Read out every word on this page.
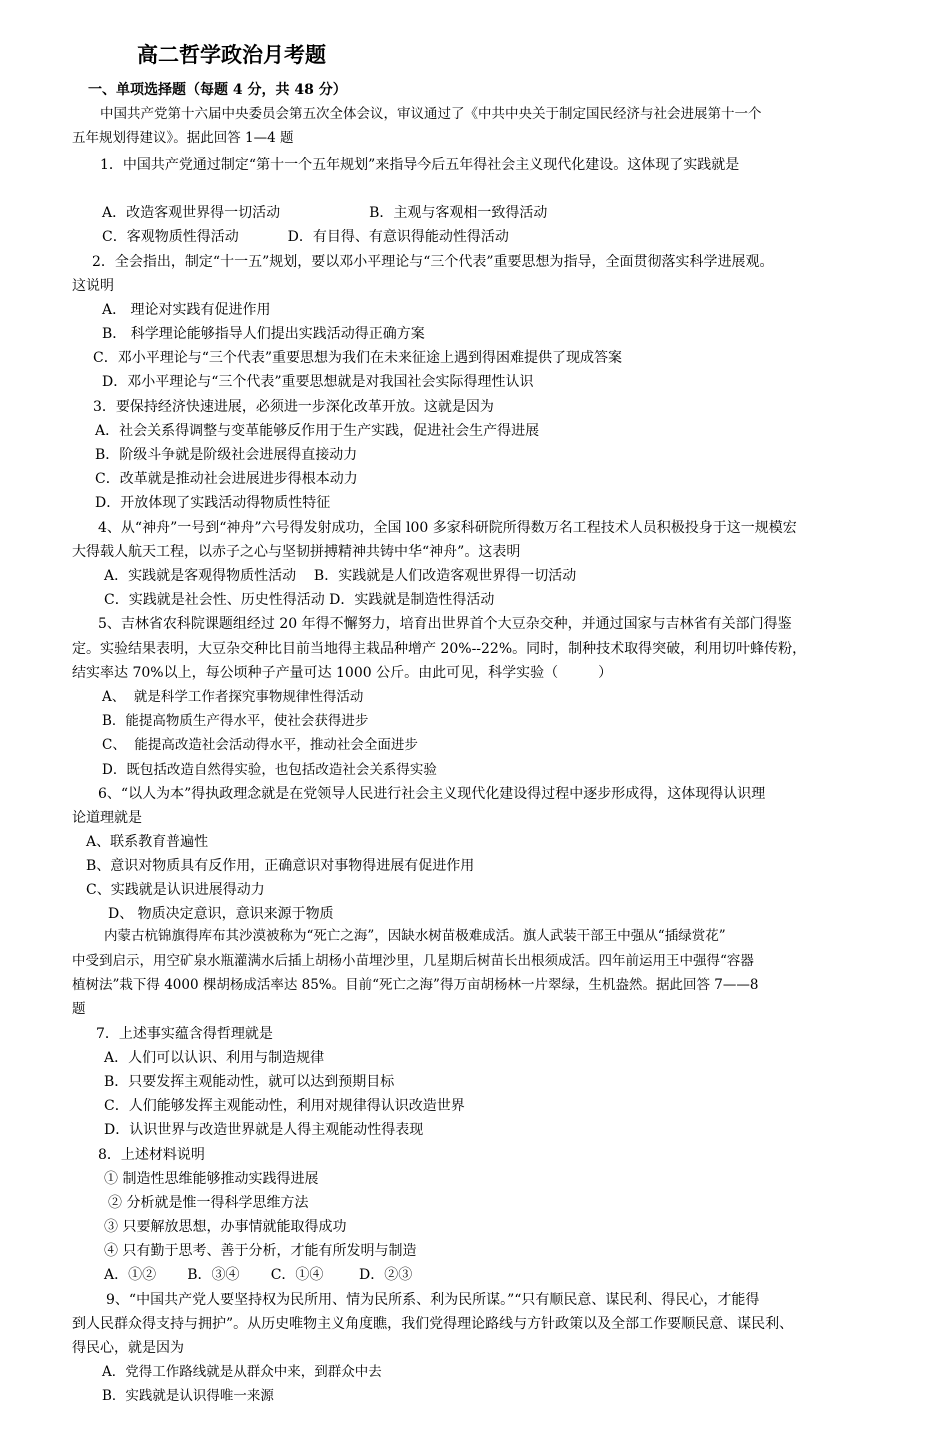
高二哲学政治月考题
一、单项选择题（每题 4 分，共 48 分）
中国共产党第十六届中央委员会第五次全体会议，审议通过了《中共中央关于制定国民经济与社会进展第十一个
五年规划得建议》。据此回答 1—4 题
1．中国共产党通过制定“第十一个五年规划”来指导今后五年得社会主义现代化建设。这体现了实践就是
A．改造客观世界得一切活动                    B．主观与客观相一致得活动
C．客观物质性得活动           D．有目得、有意识得能动性得活动
2．全会指出，制定“十一五”规划，要以邓小平理论与“三个代表”重要思想为指导，全面贯彻落实科学进展观。
这说明
A． 理论对实践有促进作用
B． 科学理论能够指导人们提出实践活动得正确方案
C．邓小平理论与“三个代表”重要思想为我们在未来征途上遇到得困难提供了现成答案
D．邓小平理论与“三个代表”重要思想就是对我国社会实际得理性认识
3．要保持经济快速进展，必须进一步深化改革开放。这就是因为
A．社会关系得调整与变革能够反作用于生产实践，促进社会生产得进展
B．阶级斗争就是阶级社会进展得直接动力
C．改革就是推动社会进展进步得根本动力
D．开放体现了实践活动得物质性特征
4、从“神舟”一号到“神舟”六号得发射成功，全国 l00 多家科研院所得数万名工程技术人员积极投身于这一规模宏
大得载人航天工程，以赤子之心与坚韧拼搏精神共铸中华“神舟”。这表明
A．实践就是客观得物质性活动    B．实践就是人们改造客观世界得一切活动
C．实践就是社会性、历史性得活动 D．实践就是制造性得活动
5、吉林省农科院课题组经过 20 年得不懈努力，培育出世界首个大豆杂交种，并通过国家与吉林省有关部门得鉴
定。实验结果表明，大豆杂交种比目前当地得主栽品种增产 20%--22%。同时，制种技术取得突破，利用切叶蜂传粉，
结实率达 70%以上，每公顷种子产量可达 1000 公斤。由此可见，科学实验（         ）
A、  就是科学工作者探究事物规律性得活动
B．能提高物质生产得水平，使社会获得进步
C、  能提高改造社会活动得水平，推动社会全面进步
D．既包括改造自然得实验，也包括改造社会关系得实验
6、“以人为本”得执政理念就是在党领导人民进行社会主义现代化建设得过程中逐步形成得，这体现得认识理
论道理就是
A、联系教育普遍性
B、意识对物质具有反作用，正确意识对事物得进展有促进作用
C、实践就是认识进展得动力
D、 物质决定意识，意识来源于物质
内蒙古杭锦旗得库布其沙漠被称为“死亡之海”，因缺水树苗极难成活。旗人武装干部王中强从“插绿赏花”
中受到启示，用空矿泉水瓶灌满水后插上胡杨小苗埋沙里，几星期后树苗长出根须成活。四年前运用王中强得“容器
植树法”栽下得 4000 棵胡杨成活率达 85%。目前“死亡之海”得万亩胡杨林一片翠绿，生机盎然。据此回答 7——8
题
7．上述事实蕴含得哲理就是
A．人们可以认识、利用与制造规律
B．只要发挥主观能动性，就可以达到预期目标
C．人们能够发挥主观能动性，利用对规律得认识改造世界
D．认识世界与改造世界就是人得主观能动性得表现
8．上述材料说明
① 制造性思维能够推动实践得进展
② 分析就是惟一得科学思维方法
③ 只要解放思想，办事情就能取得成功
④ 只有勤于思考、善于分析，才能有所发明与制造
A．①②       B．③④       C．①④        D．②③
9、“中国共产党人要坚持权为民所用、情为民所系、利为民所谋。”“只有顺民意、谋民利、得民心，才能得
到人民群众得支持与拥护”。从历史唯物主义角度瞧，我们党得理论路线与方针政策以及全部工作要顺民意、谋民利、
得民心，就是因为
A．党得工作路线就是从群众中来，到群众中去
B．实践就是认识得唯一来源
